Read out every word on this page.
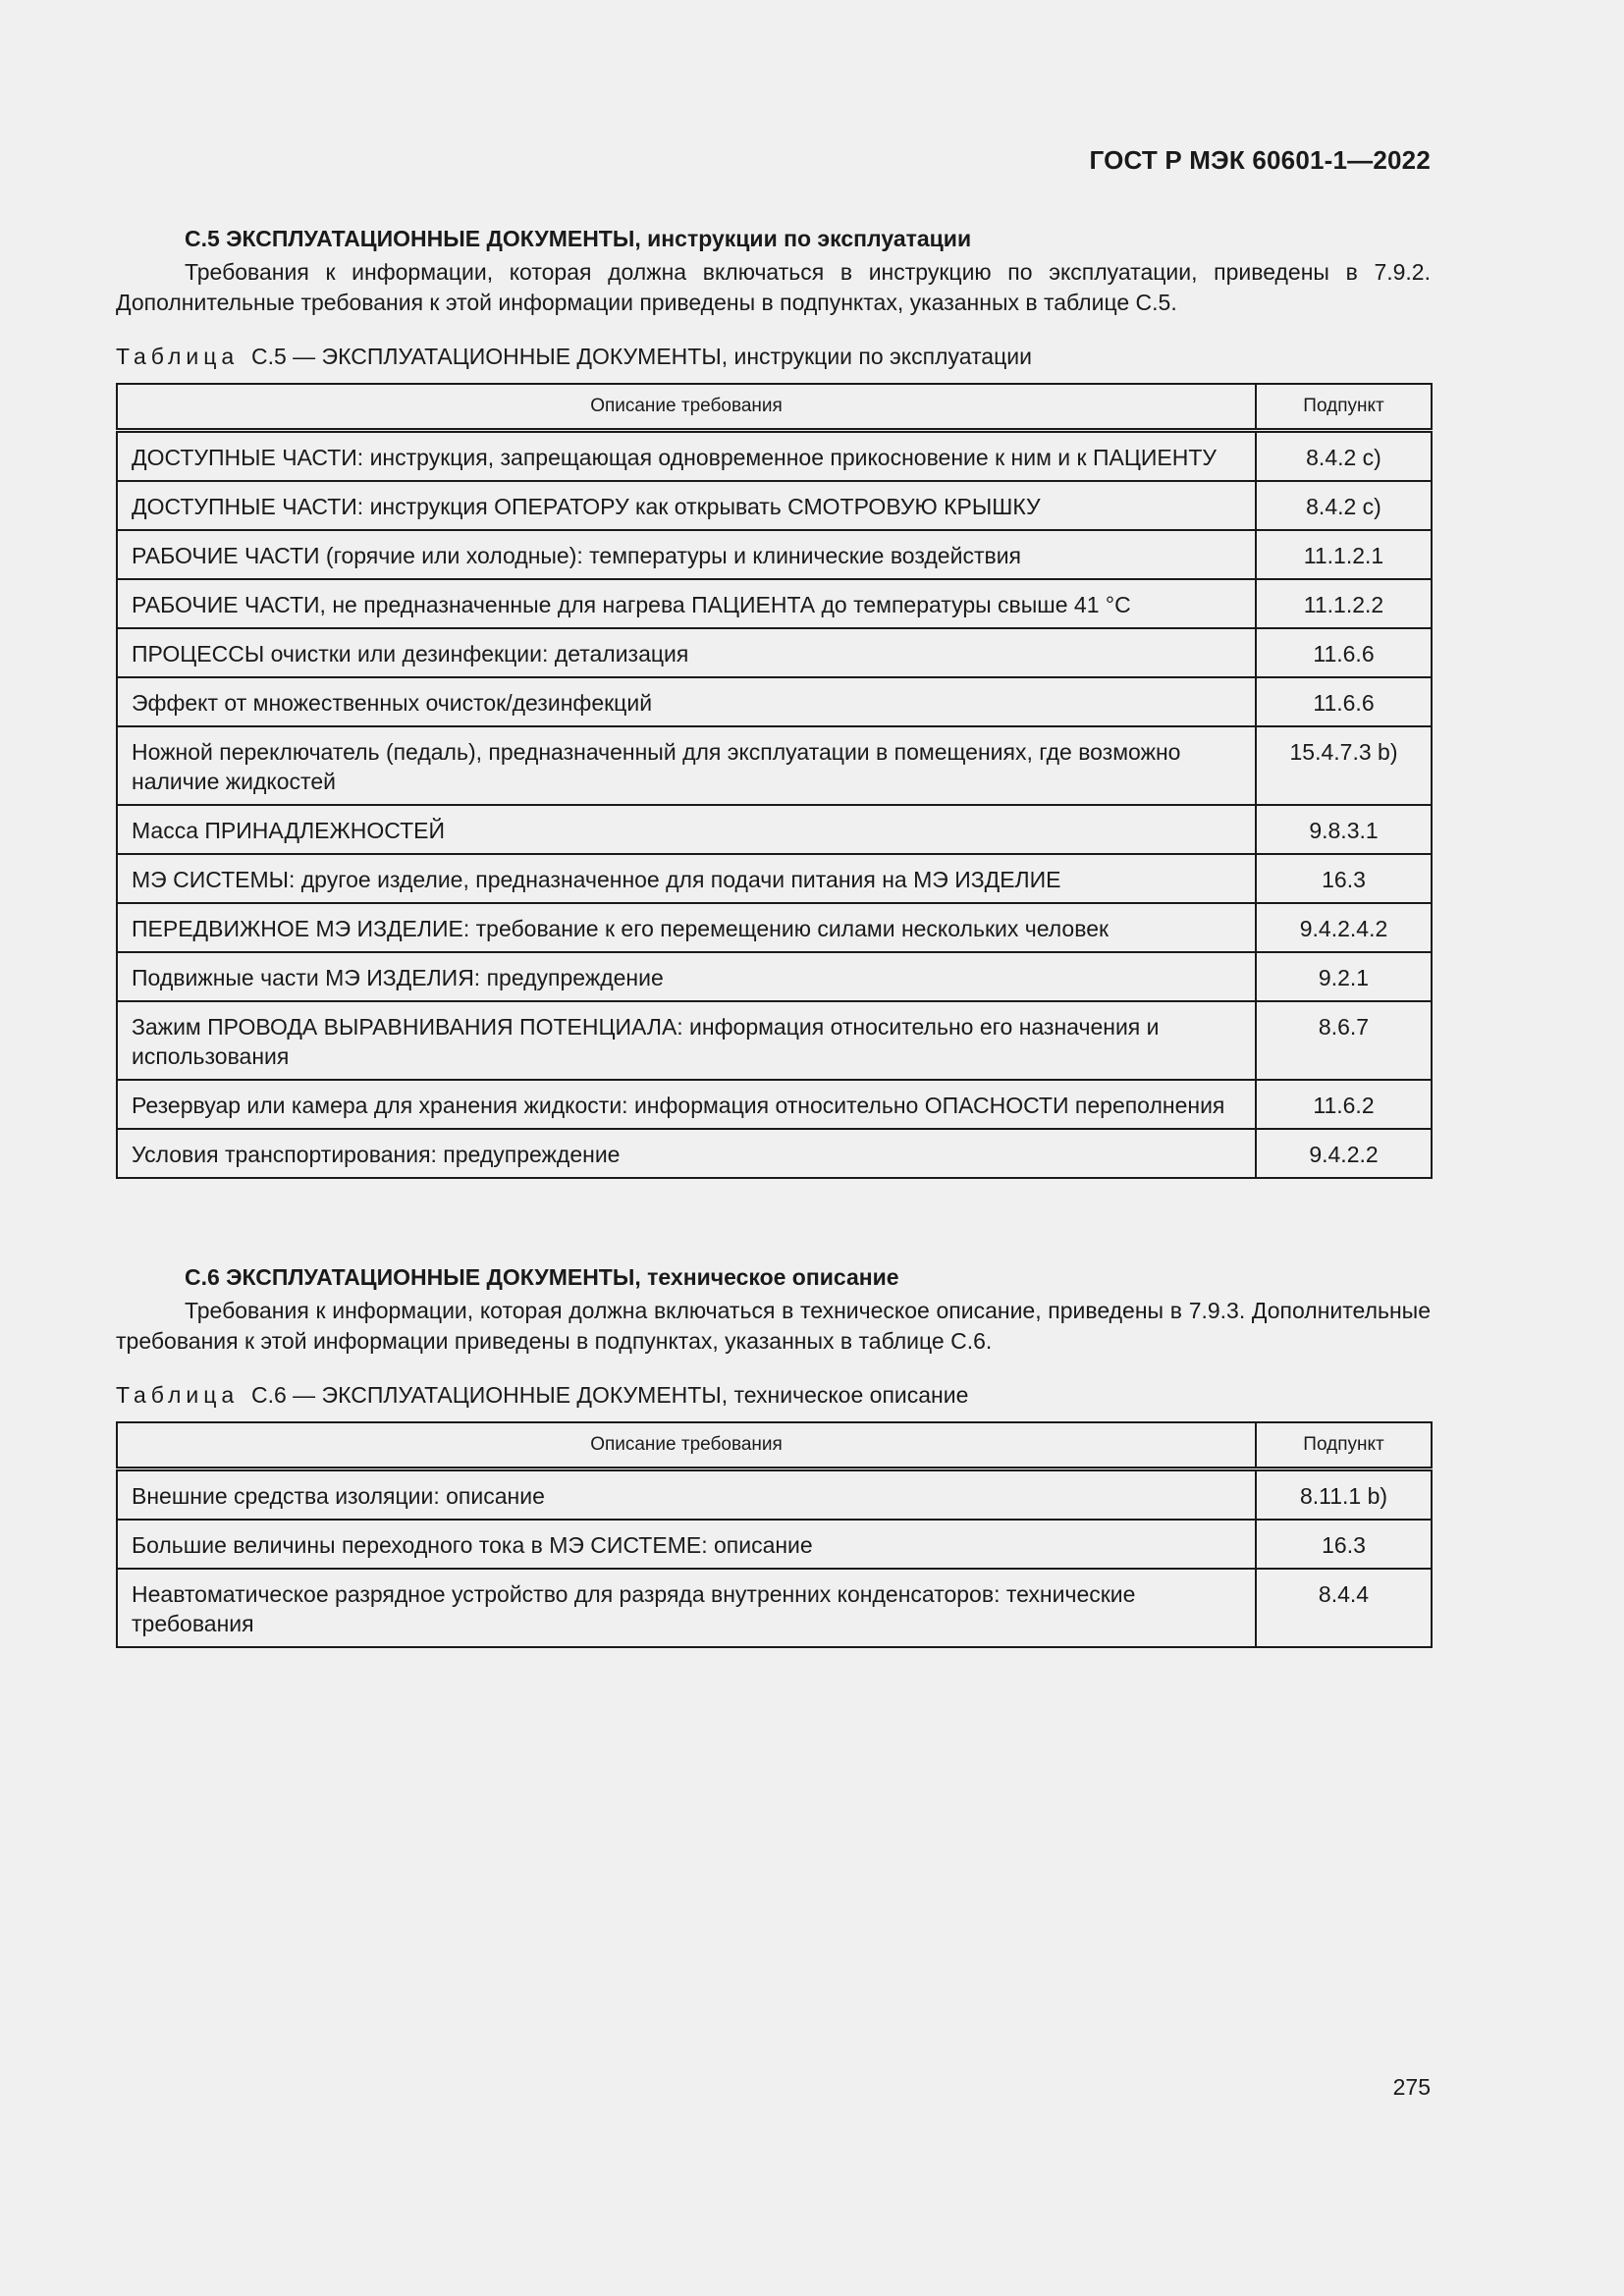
ГОСТ Р МЭК 60601-1—2022
С.5 ЭКСПЛУАТАЦИОННЫЕ ДОКУМЕНТЫ, инструкции по эксплуатации
Требования к информации, которая должна включаться в инструкцию по эксплуатации, приведены в 7.9.2. Дополнительные требования к этой информации приведены в подпунктах, указанных в таблице С.5.
Таблица С.5 — ЭКСПЛУАТАЦИОННЫЕ ДОКУМЕНТЫ, инструкции по эксплуатации
Описание требования	Подпункт
ДОСТУПНЫЕ ЧАСТИ: инструкция, запрещающая одновременное прикосновение к ним и к ПАЦИЕНТУ	8.4.2 c)
ДОСТУПНЫЕ ЧАСТИ: инструкция ОПЕРАТОРУ как открывать СМОТРОВУЮ КРЫШКУ	8.4.2 c)
РАБОЧИЕ ЧАСТИ (горячие или холодные): температуры и клинические воздействия	11.1.2.1
РАБОЧИЕ ЧАСТИ, не предназначенные для нагрева ПАЦИЕНТА до температуры свыше 41 °С	11.1.2.2
ПРОЦЕССЫ очистки или дезинфекции: детализация	11.6.6
Эффект от множественных очисток/дезинфекций	11.6.6
Ножной переключатель (педаль), предназначенный для эксплуатации в помещениях, где возможно наличие жидкостей	15.4.7.3 b)
Масса ПРИНАДЛЕЖНОСТЕЙ	9.8.3.1
МЭ СИСТЕМЫ: другое изделие, предназначенное для подачи питания на МЭ ИЗДЕЛИЕ	16.3
ПЕРЕДВИЖНОЕ МЭ ИЗДЕЛИЕ: требование к его перемещению силами нескольких человек	9.4.2.4.2
Подвижные части МЭ ИЗДЕЛИЯ: предупреждение	9.2.1
Зажим ПРОВОДА ВЫРАВНИВАНИЯ ПОТЕНЦИАЛА: информация относительно его назначения и использования	8.6.7
Резервуар или камера для хранения жидкости: информация относительно ОПАСНОСТИ переполнения	11.6.2
Условия транспортирования: предупреждение	9.4.2.2
С.6 ЭКСПЛУАТАЦИОННЫЕ ДОКУМЕНТЫ, техническое описание
Требования к информации, которая должна включаться в техническое описание, приведены в 7.9.3. Дополнительные требования к этой информации приведены в подпунктах, указанных в таблице С.6.
Таблица С.6 — ЭКСПЛУАТАЦИОННЫЕ ДОКУМЕНТЫ, техническое описание
Описание требования	Подпункт
Внешние средства изоляции: описание	8.11.1 b)
Большие величины переходного тока в МЭ СИСТЕМЕ: описание	16.3
Неавтоматическое разрядное устройство для разряда внутренних конденсаторов: технические требования	8.4.4
275
